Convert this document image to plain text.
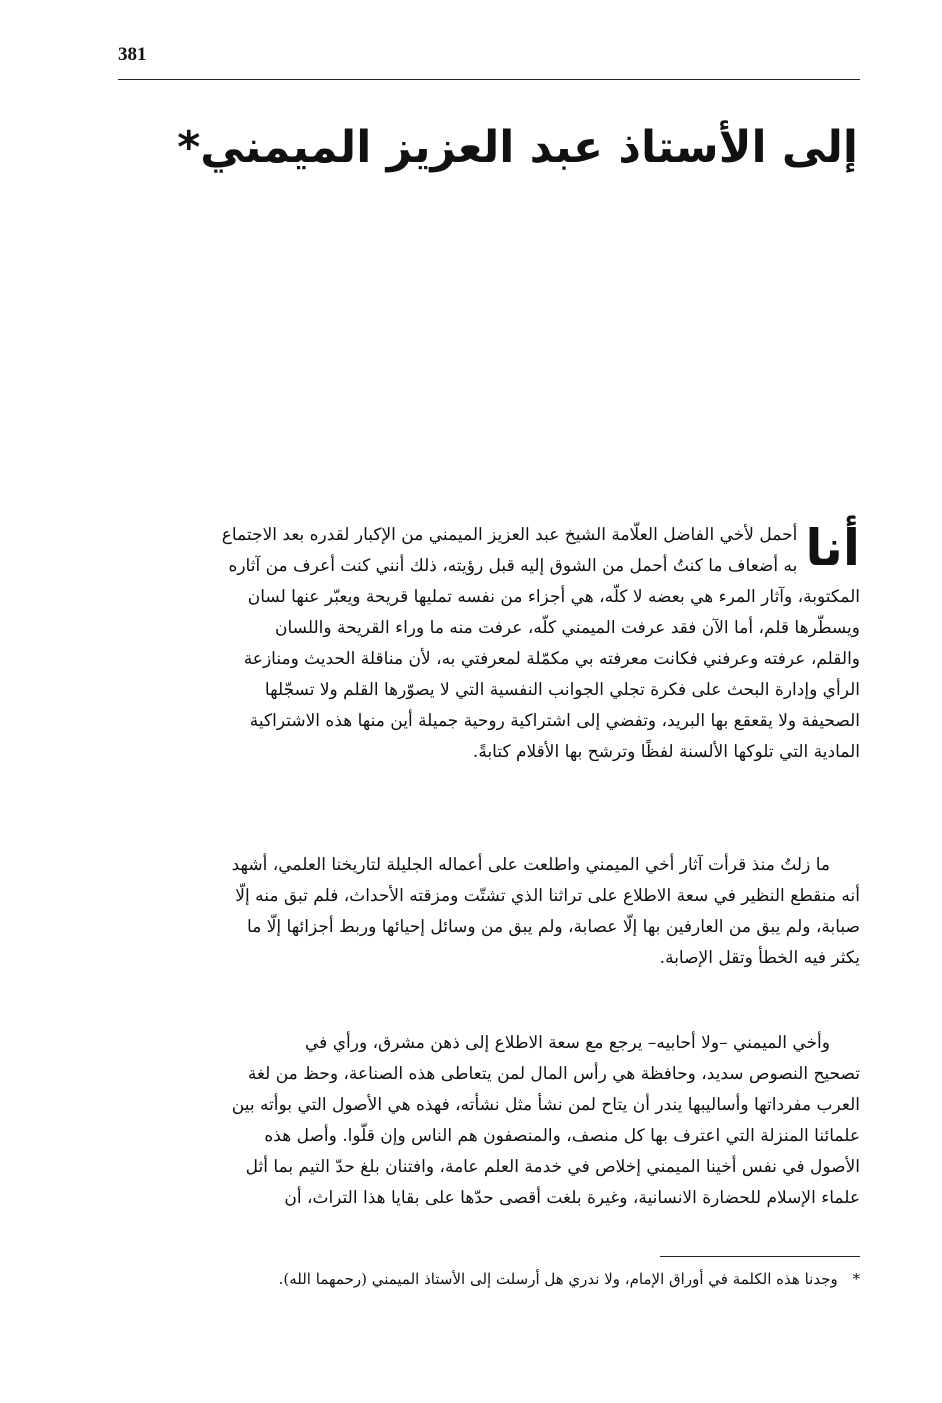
381
إلى الأستاذ عبد العزيز الميمني*
أنا
أحمل لأخي الفاضل العلّامة الشيخ عبد العزيز الميمني من الإكبار لقدره بعد الاجتماع
به أضعاف ما كنتُ أحمل من الشوق إليه قبل رؤيته، ذلك أنني كنت أعرف من آثاره
المكتوبة، وآثار المرء هي بعضه لا كلّه، هي أجزاء من نفسه تمليها قريحة ويعبّر عنها لسان
ويسطّرها قلم، أما الآن فقد عرفت الميمني كلّه، عرفت منه ما وراء القريحة واللسان
والقلم، عرفته وعرفني فكانت معرفته بي مكمّلة لمعرفتي به، لأن مناقلة الحديث ومنازعة
الرأي وإدارة البحث على فكرة تجلي الجوانب النفسية التي لا يصوّرها القلم ولا تسجّلها
الصحيفة ولا يقعقع بها البريد، وتفضي إلى اشتراكية روحية جميلة أين منها هذه الاشتراكية
المادية التي تلوكها الألسنة لفظًا وترشح بها الأقلام كتابةً.
ما زلتُ منذ قرأت آثار أخي الميمني واطلعت على أعماله الجليلة لتاريخنا العلمي، أشهد
أنه منقطع النظير في سعة الاطلاع على تراثنا الذي تشتّت ومزقته الأحداث، فلم تبق منه إلّا
صبابة، ولم يبق من العارفين بها إلّا عصابة، ولم يبق من وسائل إحيائها وربط أجزائها إلّا ما
يكثر فيه الخطأ وتقل الإصابة.
وأخي الميمني –ولا أحابيه– يرجع مع سعة الاطلاع إلى ذهن مشرق، ورأي في
تصحيح النصوص سديد، وحافظة هي رأس المال لمن يتعاطى هذه الصناعة، وحظ من لغة
العرب مفرداتها وأساليبها يندر أن يتاح لمن نشأ مثل نشأته، فهذه هي الأصول التي بوأته بين
علمائنا المنزلة التي اعترف بها كل منصف، والمنصفون هم الناس وإن قلّوا. وأصل هذه
الأصول في نفس أخينا الميمني إخلاص في خدمة العلم عامة، وافتنان بلغ حدّ التيم بما أثل
علماء الإسلام للحضارة الانسانية، وغيرة بلغت أقصى حدّها على بقايا هذا التراث، أن
* وجدنا هذه الكلمة في أوراق الإمام، ولا ندري هل أرسلت إلى الأستاذ الميمني (رحمهما الله).
